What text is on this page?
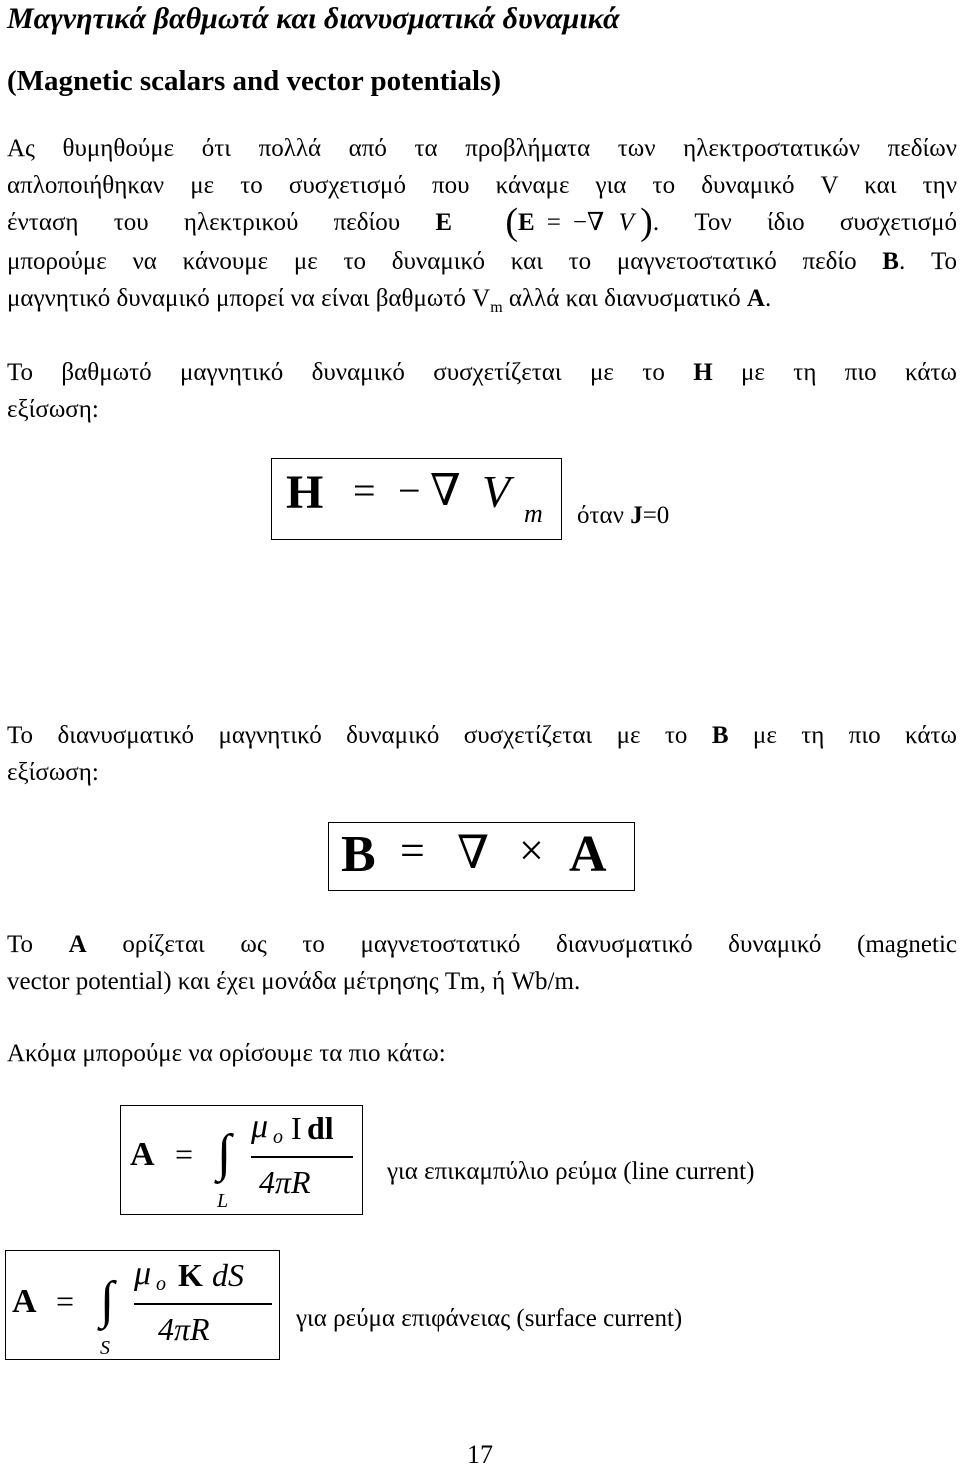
Μαγνητικά βαθμωτά και διανυσματικά δυναμικά
(Magnetic scalars and vector potentials)
Ας θυμηθούμε ότι πολλά από τα προβλήματα των ηλεκτροστατικών πεδίων
απλοποιήθηκαν με το συσχετισμό που κάναμε για το δυναμικό V και την
ένταση του ηλεκτρικού πεδίου E (E = −∇ V ). Τον ίδιο συσχετισμό
μπορούμε να κάνουμε με το δυναμικό και το μαγνετοστατικό πεδίο B. Το
μαγνητικό δυναμικό μπορεί να είναι βαθμωτό $V_m$ αλλά και διανυσματικό A.
Το βαθμωτό μαγνητικό δυναμικό συσχετίζεται με το H με τη πιο κάτω
εξίσωση:
H = − ∇ V m όταν J=0
Το διανυσματικό μαγνητικό δυναμικό συσχετίζεται με το B με τη πιο κάτω
εξίσωση:
B = ∇ × A
Το A ορίζεται ως το μαγνετοστατικό διανυσματικό δυναμικό (magnetic
vector potential) και έχει μονάδα μέτρησης Tm, ή Wb/m.
Ακόμα μπορούμε να ορίσουμε τα πιο κάτω:
A = ∫
L
μ o I dl
4πR	για επικαμπύλιο ρεύμα (line current)
A = ∫
S
μ o K dS
4πR	για ρεύμα επιφάνειας (surface current)
17
